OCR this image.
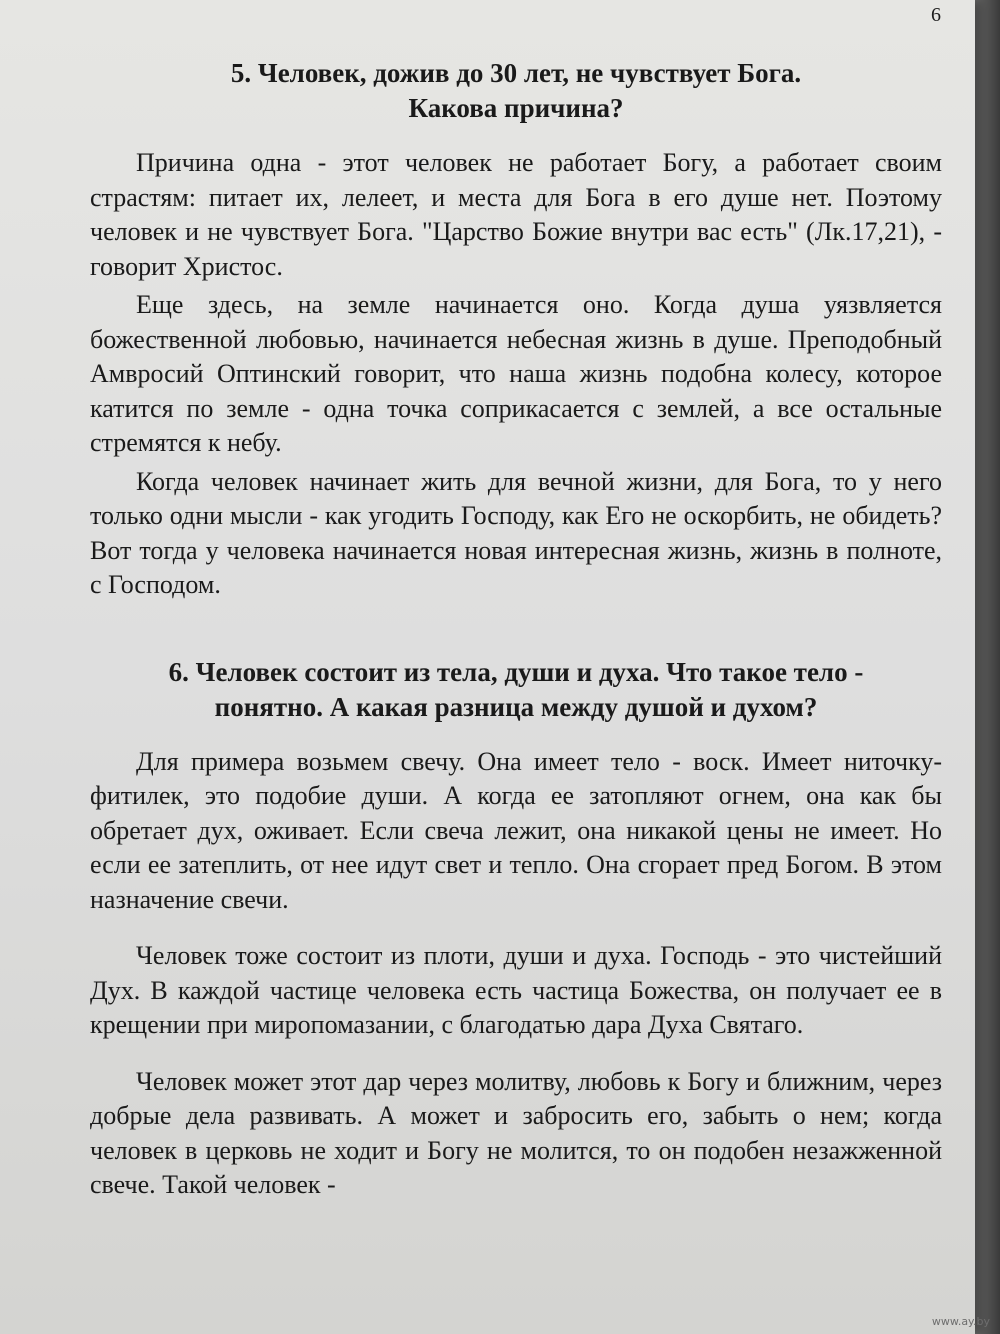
6
5. Человек, дожив до 30 лет, не чувствует Бога.
Какова причина?

Причина одна - этот человек не работает Богу, а работает своим страстям: питает их, лелеет, и места для Бога в его душе нет. Поэтому человек и не чувствует Бога. "Царство Божие внутри вас есть" (Лк.17,21), - говорит Христос.

Еще здесь, на земле начинается оно. Когда душа уязвляется божественной любовью, начинается небесная жизнь в душе. Преподобный Амвросий Оптинский говорит, что наша жизнь подобна колесу, которое катится по земле - одна точка соприкасается с землей, а все остальные стремятся к небу.

Когда человек начинает жить для вечной жизни, для Бога, то у него только одни мысли - как угодить Господу, как Его не оскорбить, не обидеть? Вот тогда у человека начинается новая интересная жизнь, жизнь в полноте, с Господом.

6. Человек состоит из тела, души и духа. Что такое тело -
понятно. А какая разница между душой и духом?

Для примера возьмем свечу. Она имеет тело - воск. Имеет ниточку-фитилек, это подобие души. А когда ее затопляют огнем, она как бы обретает дух, оживает. Если свеча лежит, она никакой цены не имеет. Но если ее затеплить, от нее идут свет и тепло. Она сгорает пред Богом. В этом назначение свечи.

Человек тоже состоит из плоти, души и духа. Господь - это чистейший Дух. В каждой частице человека есть частица Божества, он получает ее в крещении при миропомазании, с благодатью дара Духа Святаго.

Человек может этот дар через молитву, любовь к Богу и ближним, через добрые дела развивать. А может и забросить его, забыть о нем; когда человек в церковь не ходит и Богу не молится, то он подобен незажженной свече. Такой человек -

www.ay.by
